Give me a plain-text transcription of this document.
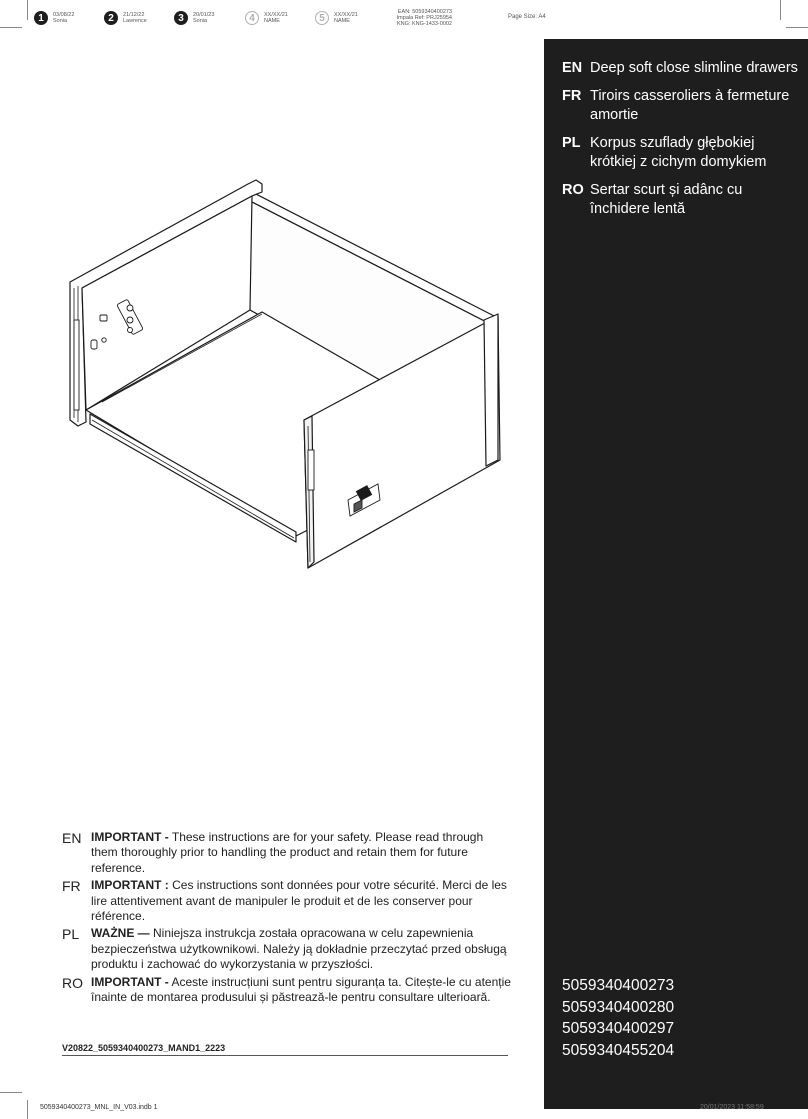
1	03/08/22
Sonia	2	21/12/22
Lawrence	3	20/01/23
Sonia	4	XX/XX/21
NAME	5	XX/XX/21
NAME
EAN: 5059340400273
Impala Ref: PRJ25954
KNG: KNG-1433-0002
Page Size: A4
EN Deep soft close slimline drawers
FR Tiroirs casseroliers à fermeture amortie
PL Korpus szuflady głębokiej krótkiej z cichym domykiem
RO Sertar scurt și adânc cu închidere lentă
5059340400273
5059340400280
5059340400297
5059340455204
EN IMPORTANT - These instructions are for your safety. Please read through them thoroughly prior to handling the product and retain them for future reference.
FR IMPORTANT : Ces instructions sont données pour votre sécurité. Merci de les lire attentivement avant de manipuler le produit et de les conserver pour référence.
PL WAŻNE — Niniejsza instrukcja została opracowana w celu zapewnienia bezpieczeństwa użytkownikowi. Należy ją dokładnie przeczytać przed obsługą produktu i zachować do wykorzystania w przyszłości.
RO IMPORTANT - Aceste instrucțiuni sunt pentru siguranța ta. Citește-le cu atenție înainte de montarea produsului și păstrează-le pentru consultare ulterioară.
V20822_5059340400273_MAND1_2223
5059340400273_MNL_IN_V03.indb 1	20/01/2023 11:58:59
